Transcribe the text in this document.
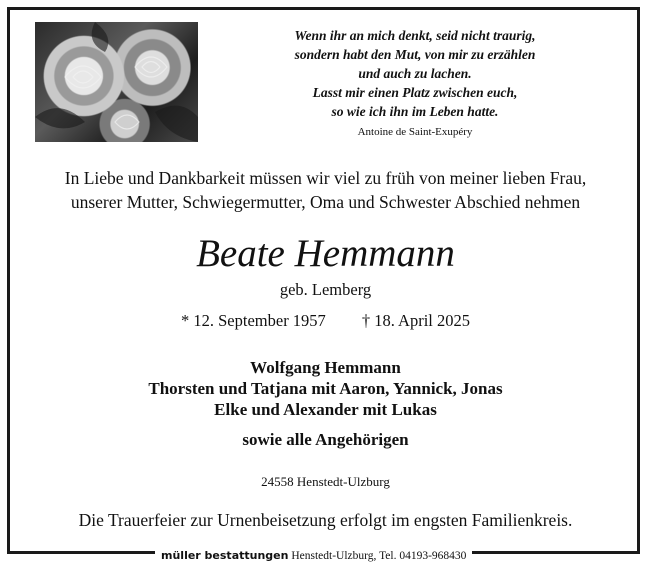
Wenn ihr an mich denkt, seid nicht traurig,
sondern habt den Mut, von mir zu erzählen
und auch zu lachen.
Lasst mir einen Platz zwischen euch,
so wie ich ihn im Leben hatte.
Antoine de Saint-Exupéry
In Liebe und Dankbarkeit müssen wir viel zu früh von meiner lieben Frau,
unserer Mutter, Schwiegermutter, Oma und Schwester Abschied nehmen
Beate Hemmann
geb. Lemberg
* 12. September 1957 † 18. April 2025
Wolfgang Hemmann
Thorsten und Tatjana mit Aaron, Yannick, Jonas
Elke und Alexander mit Lukas
sowie alle Angehörigen
24558 Henstedt-Ulzburg
Die Trauerfeier zur Urnenbeisetzung erfolgt im engsten Familienkreis.
müller bestattungen Henstedt-Ulzburg, Tel. 04193-968430
